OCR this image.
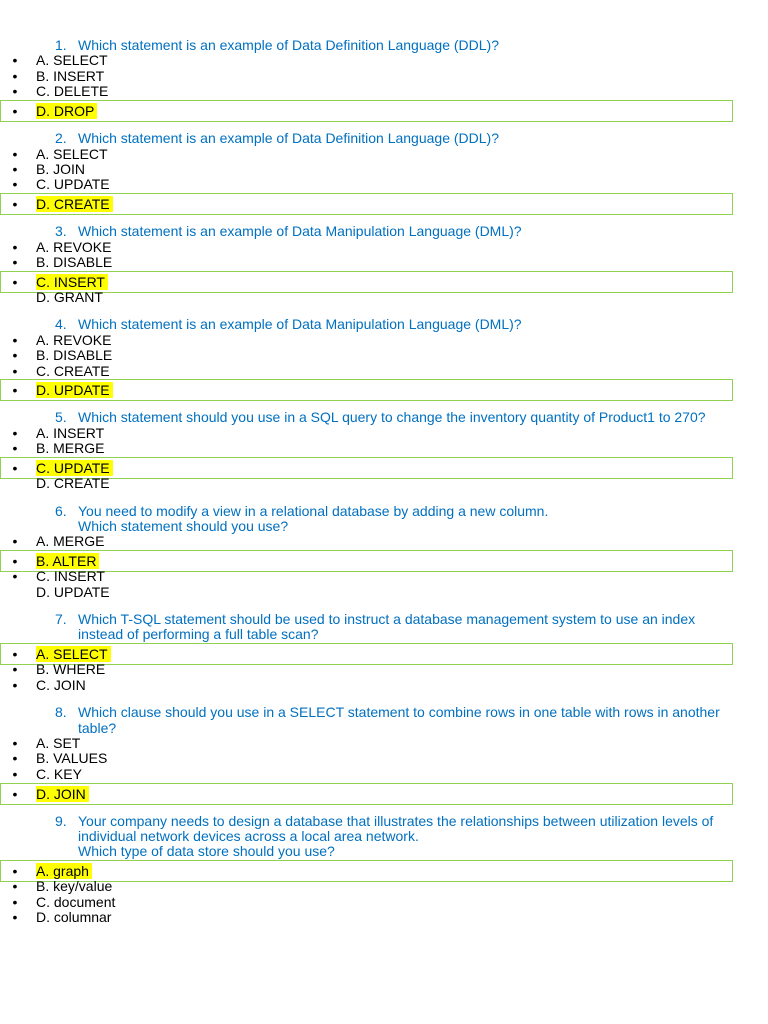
1. Which statement is an example of Data Definition Language (DDL)?
• A. SELECT
• B. INSERT
• C. DELETE
• D. DROP
2. Which statement is an example of Data Definition Language (DDL)?
• A. SELECT
• B. JOIN
• C. UPDATE
• D. CREATE
3. Which statement is an example of Data Manipulation Language (DML)?
• A. REVOKE
• B. DISABLE
• C. INSERT
D. GRANT
4. Which statement is an example of Data Manipulation Language (DML)?
• A. REVOKE
• B. DISABLE
• C. CREATE
• D. UPDATE
5. Which statement should you use in a SQL query to change the inventory quantity of Product1 to 270?
• A. INSERT
• B. MERGE
• C. UPDATE
D. CREATE
6. You need to modify a view in a relational database by adding a new column.
Which statement should you use?
• A. MERGE
• B. ALTER
• C. INSERT
D. UPDATE
7. Which T-SQL statement should be used to instruct a database management system to use an index
instead of performing a full table scan?
• A. SELECT
• B. WHERE
• C. JOIN
8. Which clause should you use in a SELECT statement to combine rows in one table with rows in another
table?
• A. SET
• B. VALUES
• C. KEY
• D. JOIN
9. Your company needs to design a database that illustrates the relationships between utilization levels of
individual network devices across a local area network.
Which type of data store should you use?
• A. graph
• B. key/value
• C. document
• D. columnar
